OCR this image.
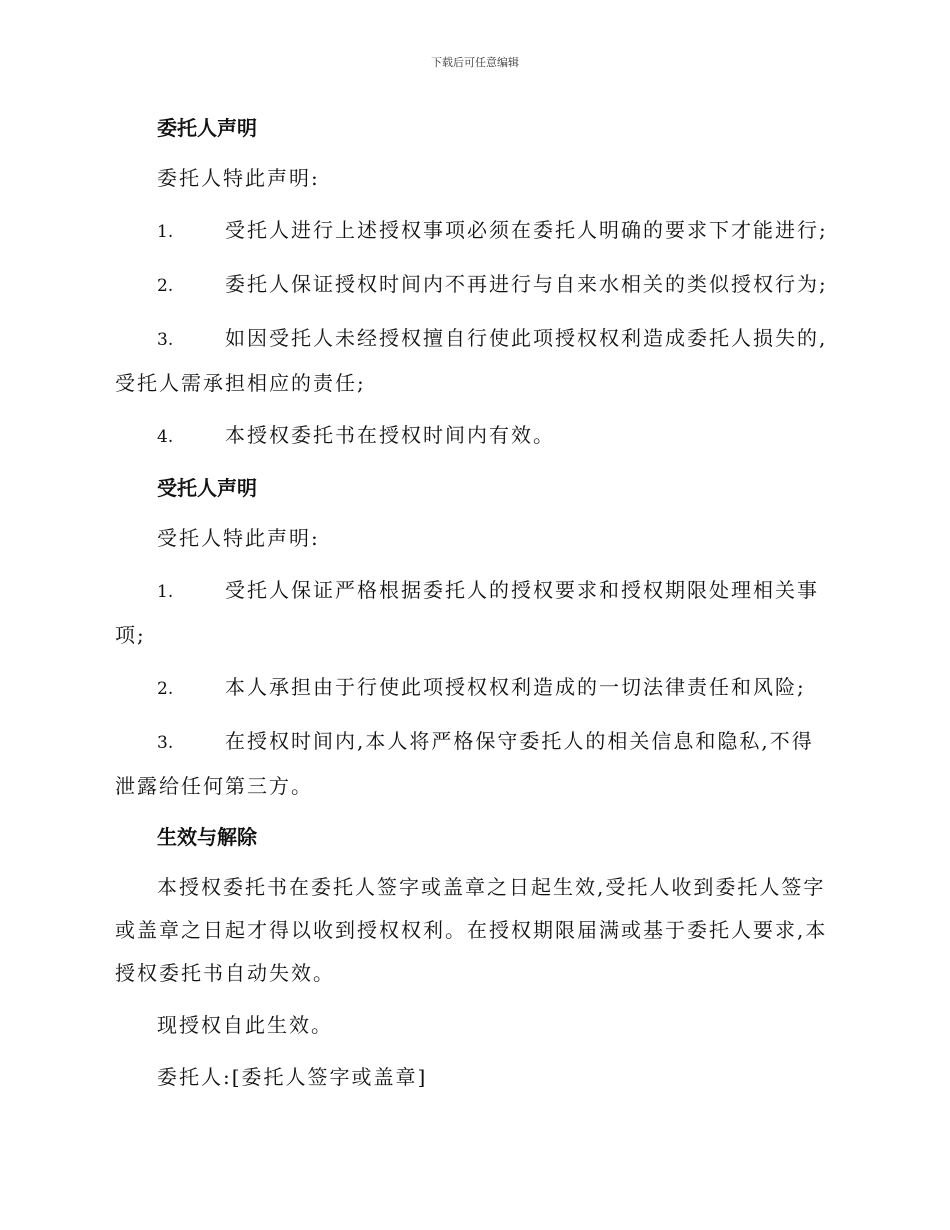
下载后可任意编辑
委托人声明

委托人特此声明:

1.	受托人进行上述授权事项必须在委托人明确的要求下才能进行;

2.	委托人保证授权时间内不再进行与自来水相关的类似授权行为;

3.	如因受托人未经授权擅自行使此项授权权利造成委托人损失的,受托人需承担相应的责任;

4.	本授权委托书在授权时间内有效。

受托人声明

受托人特此声明:

1.	受托人保证严格根据委托人的授权要求和授权期限处理相关事项;

2.	本人承担由于行使此项授权权利造成的一切法律责任和风险;

3.	在授权时间内,本人将严格保守委托人的相关信息和隐私,不得泄露给任何第三方。

生效与解除

本授权委托书在委托人签字或盖章之日起生效,受托人收到委托人签字或盖章之日起才得以收到授权权利。在授权期限届满或基于委托人要求,本授权委托书自动失效。

现授权自此生效。

委托人:[委托人签字或盖章]
